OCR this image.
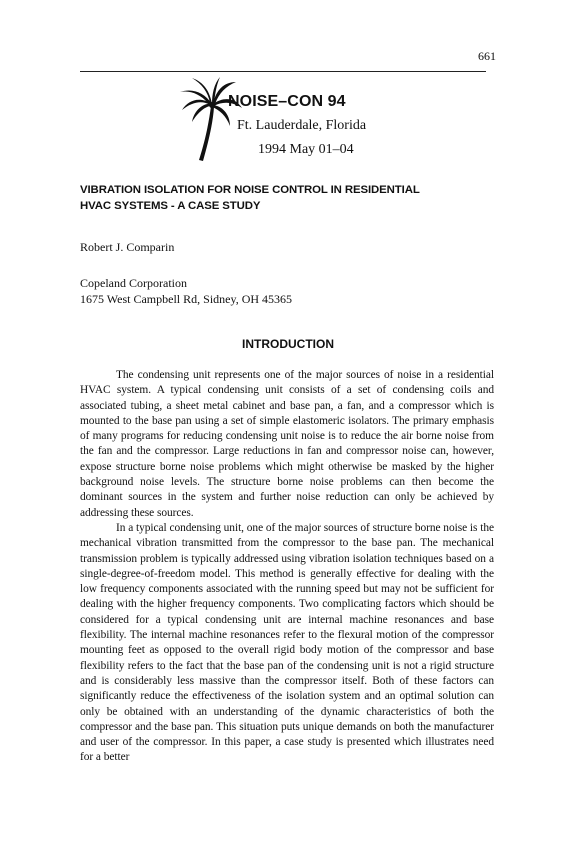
661
NOISE–CON 94
Ft. Lauderdale, Florida
1994 May 01–04
VIBRATION ISOLATION FOR NOISE CONTROL IN RESIDENTIAL
HVAC SYSTEMS - A CASE STUDY
Robert J. Comparin
Copeland Corporation
1675 West Campbell Rd, Sidney, OH 45365
INTRODUCTION

The condensing unit represents one of the major sources of noise in a residential HVAC system. A typical condensing unit consists of a set of condensing coils and associated tubing, a sheet metal cabinet and base pan, a fan, and a compressor which is mounted to the base pan using a set of simple elastomeric isolators. The primary emphasis of many programs for reducing condensing unit noise is to reduce the air borne noise from the fan and the compressor. Large reductions in fan and compressor noise can, however, expose structure borne noise problems which might otherwise be masked by the higher background noise levels. The structure borne noise problems can then become the dominant sources in the system and further noise reduction can only be achieved by addressing these sources.

In a typical condensing unit, one of the major sources of structure borne noise is the mechanical vibration transmitted from the compressor to the base pan. The mechanical transmission problem is typically addressed using vibration isolation techniques based on a single-degree-of-freedom model. This method is generally effective for dealing with the low frequency components associated with the running speed but may not be sufficient for dealing with the higher frequency components. Two complicating factors which should be considered for a typical condensing unit are internal machine resonances and base flexibility. The internal machine resonances refer to the flexural motion of the compressor mounting feet as opposed to the overall rigid body motion of the compressor and base flexibility refers to the fact that the base pan of the condensing unit is not a rigid structure and is considerably less massive than the compressor itself. Both of these factors can significantly reduce the effectiveness of the isolation system and an optimal solution can only be obtained with an understanding of the dynamic characteristics of both the compressor and the base pan. This situation puts unique demands on both the manufacturer and user of the compressor. In this paper, a case study is presented which illustrates need for a better
